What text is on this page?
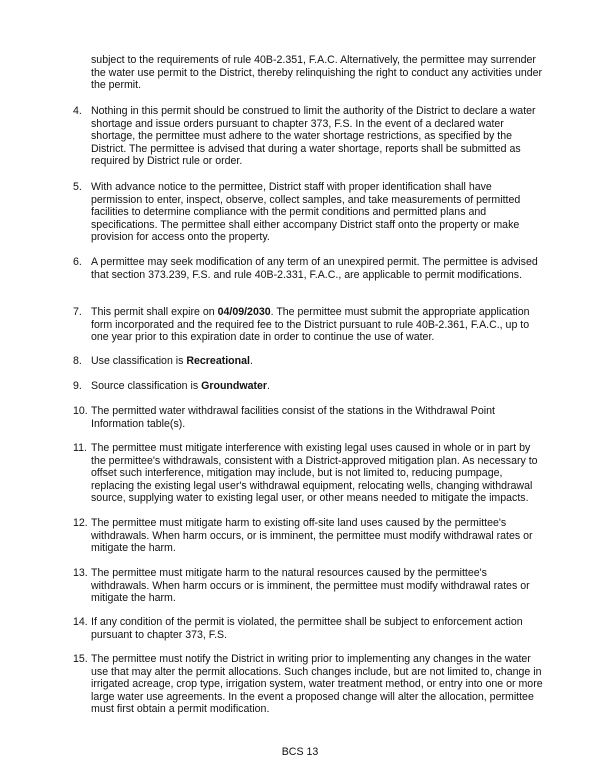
subject to the requirements of rule 40B-2.351, F.A.C. Alternatively, the permittee may surrender the water use permit to the District, thereby relinquishing the right to conduct any activities under the permit.

4. Nothing in this permit should be construed to limit the authority of the District to declare a water shortage and issue orders pursuant to chapter 373, F.S. In the event of a declared water shortage, the permittee must adhere to the water shortage restrictions, as specified by the District. The permittee is advised that during a water shortage, reports shall be submitted as required by District rule or order.

5. With advance notice to the permittee, District staff with proper identification shall have permission to enter, inspect, observe, collect samples, and take measurements of permitted facilities to determine compliance with the permit conditions and permitted plans and specifications. The permittee shall either accompany District staff onto the property or make provision for access onto the property.

6. A permittee may seek modification of any term of an unexpired permit. The permittee is advised that section 373.239, F.S. and rule 40B-2.331, F.A.C., are applicable to permit modifications.

7. This permit shall expire on 04/09/2030. The permittee must submit the appropriate application form incorporated and the required fee to the District pursuant to rule 40B-2.361, F.A.C., up to one year prior to this expiration date in order to continue the use of water.

8. Use classification is Recreational.

9. Source classification is Groundwater.

10. The permitted water withdrawal facilities consist of the stations in the Withdrawal Point Information table(s).

11. The permittee must mitigate interference with existing legal uses caused in whole or in part by the permittee's withdrawals, consistent with a District-approved mitigation plan. As necessary to offset such interference, mitigation may include, but is not limited to, reducing pumpage, replacing the existing legal user's withdrawal equipment, relocating wells, changing withdrawal source, supplying water to existing legal user, or other means needed to mitigate the impacts.

12. The permittee must mitigate harm to existing off-site land uses caused by the permittee's withdrawals. When harm occurs, or is imminent, the permittee must modify withdrawal rates or mitigate the harm.

13. The permittee must mitigate harm to the natural resources caused by the permittee's withdrawals. When harm occurs or is imminent, the permittee must modify withdrawal rates or mitigate the harm.

14. If any condition of the permit is violated, the permittee shall be subject to enforcement action pursuant to chapter 373, F.S.

15. The permittee must notify the District in writing prior to implementing any changes in the water use that may alter the permit allocations. Such changes include, but are not limited to, change in irrigated acreage, crop type, irrigation system, water treatment method, or entry into one or more large water use agreements. In the event a proposed change will alter the allocation, permittee must first obtain a permit modification.

BCS 13
